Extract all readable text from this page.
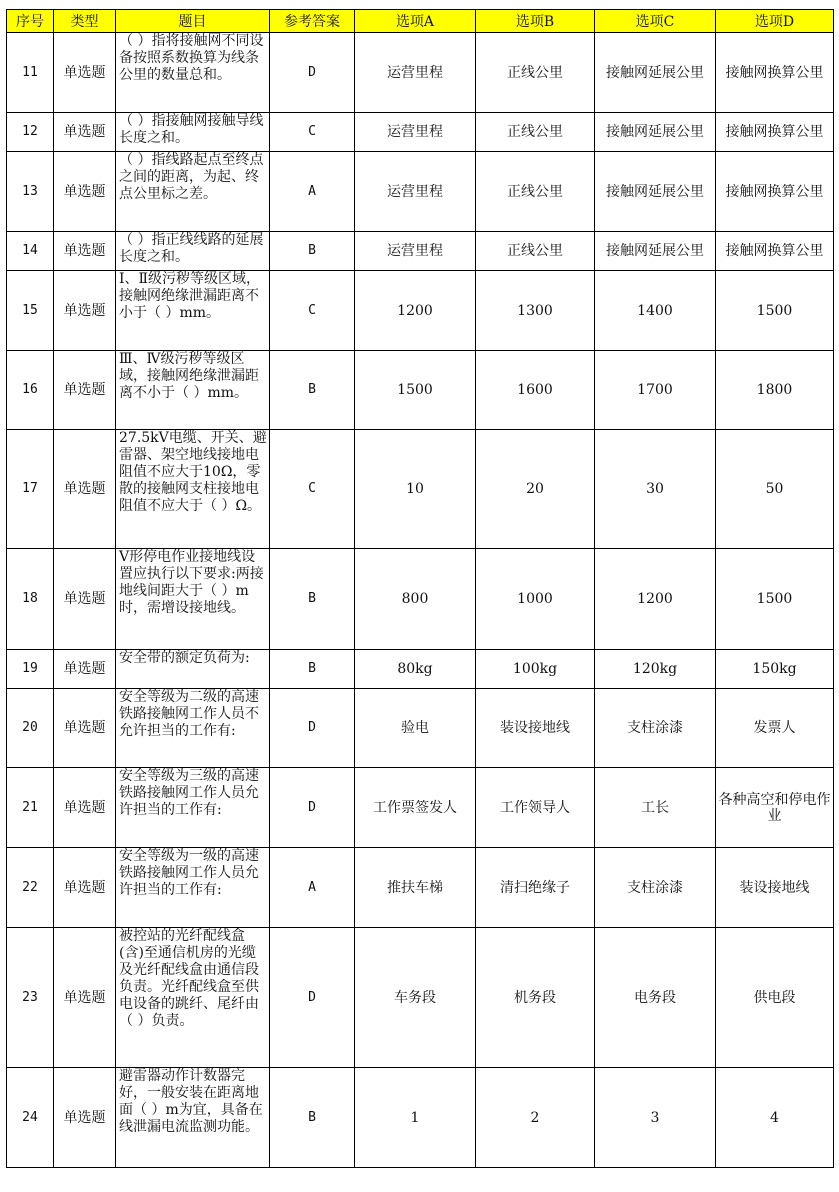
序号	类型	题目	参考答案	选项A	选项B	选项C	选项D
11	单选题	（ ）指将接触网不同设备按照系数换算为线条公里的数量总和。	D	运营里程	正线公里	接触网延展公里	接触网换算公里
12	单选题	（ ）指接触网接触导线长度之和。	C	运营里程	正线公里	接触网延展公里	接触网换算公里
13	单选题	（ ）指线路起点至终点之间的距离，为起、终点公里标之差。	A	运营里程	正线公里	接触网延展公里	接触网换算公里
14	单选题	（ ）指正线线路的延展长度之和。	B	运营里程	正线公里	接触网延展公里	接触网换算公里
15	单选题	Ⅰ、Ⅱ级污秽等级区域，接触网绝缘泄漏距离不小于（ ）mm。	C	1200	1300	1400	1500
16	单选题	Ⅲ、Ⅳ级污秽等级区域，接触网绝缘泄漏距离不小于（ ）mm。	B	1500	1600	1700	1800
17	单选题	27.5kV电缆、开关、避雷器、架空地线接地电阻值不应大于10Ω，零散的接触网支柱接地电阻值不应大于（ ）Ω。	C	10	20	30	50
18	单选题	V形停电作业接地线设置应执行以下要求:两接地线间距大于（ ）m时，需增设接地线。	B	800	1000	1200	1500
19	单选题	安全带的额定负荷为:	B	80kg	100kg	120kg	150kg
20	单选题	安全等级为二级的高速铁路接触网工作人员不允许担当的工作有:	D	验电	装设接地线	支柱涂漆	发票人
21	单选题	安全等级为三级的高速铁路接触网工作人员允许担当的工作有:	D	工作票签发人	工作领导人	工长	各种高空和停电作业
22	单选题	安全等级为一级的高速铁路接触网工作人员允许担当的工作有:	A	推扶车梯	清扫绝缘子	支柱涂漆	装设接地线
23	单选题	被控站的光纤配线盒(含)至通信机房的光缆及光纤配线盒由通信段负责。光纤配线盒至供电设备的跳纤、尾纤由（ ）负责。	D	车务段	机务段	电务段	供电段
24	单选题	避雷器动作计数器完好，一般安装在距离地面（ ）m为宜，具备在线泄漏电流监测功能。	B	1	2	3	4
